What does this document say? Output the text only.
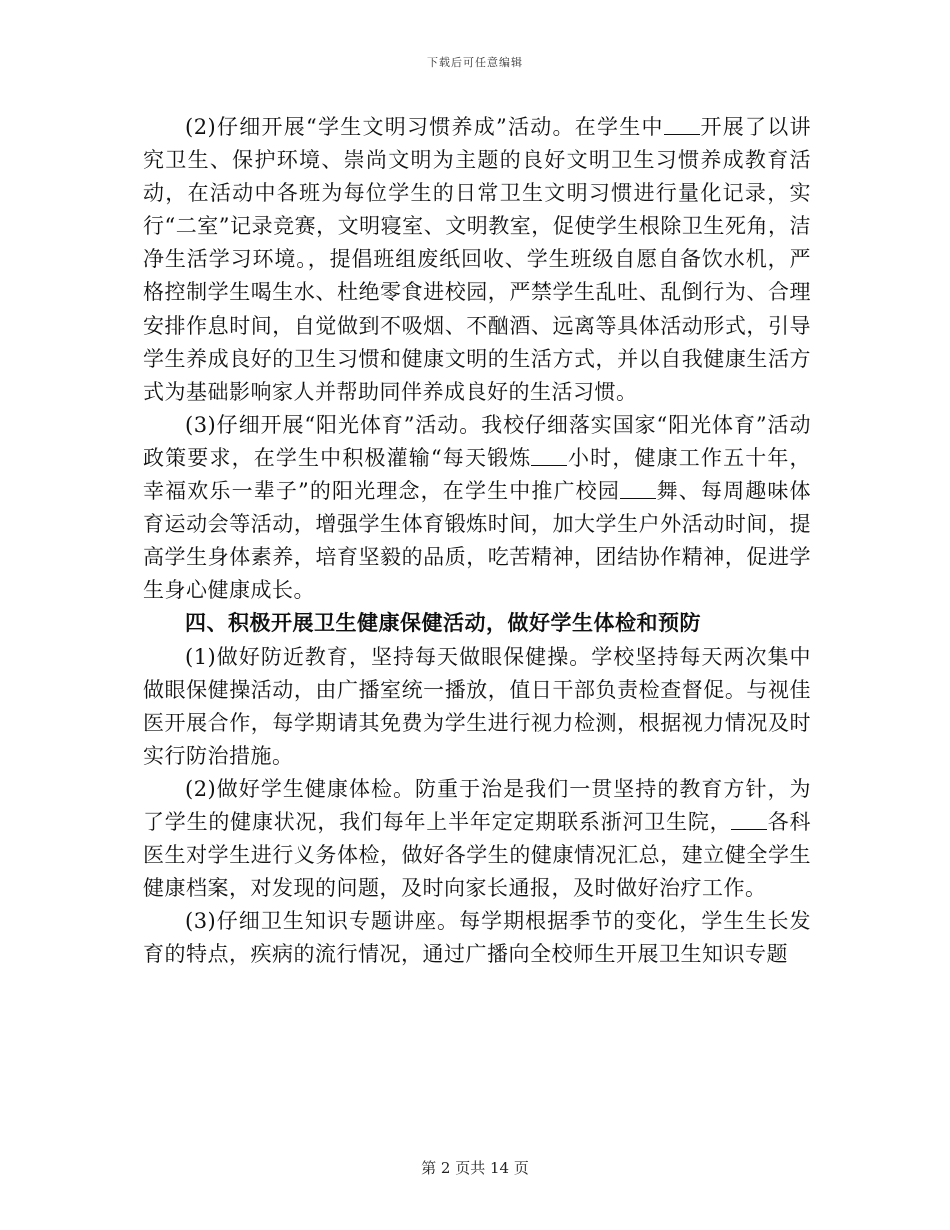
下载后可任意编辑

(2)仔细开展“学生文明习惯养成”活动。在学生中 开展了以讲究卫生、保护环境、崇尚文明为主题的良好文明卫生习惯养成教育活动，在活动中各班为每位学生的日常卫生文明习惯进行量化记录，实行“二室”记录竞赛，文明寝室、文明教室，促使学生根除卫生死角，洁净生活学习环境。，提倡班组废纸回收、学生班级自愿自备饮水机，严格控制学生喝生水、杜绝零食进校园，严禁学生乱吐、乱倒行为、合理安排作息时间，自觉做到不吸烟、不酗酒、远离等具体活动形式，引导学生养成良好的卫生习惯和健康文明的生活方式，并以自我健康生活方式为基础影响家人并帮助同伴养成良好的生活习惯。

(3)仔细开展“阳光体育”活动。我校仔细落实国家“阳光体育”活动政策要求，在学生中积极灌输“每天锻炼 小时，健康工作五十年，幸福欢乐一辈子”的阳光理念，在学生中推广校园 舞、每周趣味体育运动会等活动，增强学生体育锻炼时间，加大学生户外活动时间，提高学生身体素养，培育坚毅的品质，吃苦精神，团结协作精神，促进学生身心健康成长。

四、积极开展卫生健康保健活动，做好学生体检和预防

(1)做好防近教育，坚持每天做眼保健操。学校坚持每天两次集中做眼保健操活动，由广播室统一播放，值日干部负责检查督促。与视佳医开展合作，每学期请其免费为学生进行视力检测，根据视力情况及时实行防治措施。

(2)做好学生健康体检。防重于治是我们一贯坚持的教育方针，为了学生的健康状况，我们每年上半年定定期联系浙河卫生院， 各科医生对学生进行义务体检，做好各学生的健康情况汇总，建立健全学生健康档案，对发现的问题，及时向家长通报，及时做好治疗工作。

(3)仔细卫生知识专题讲座。每学期根据季节的变化，学生生长发育的特点，疾病的流行情况，通过广播向全校师生开展卫生知识专题

第 2 页共 14 页
